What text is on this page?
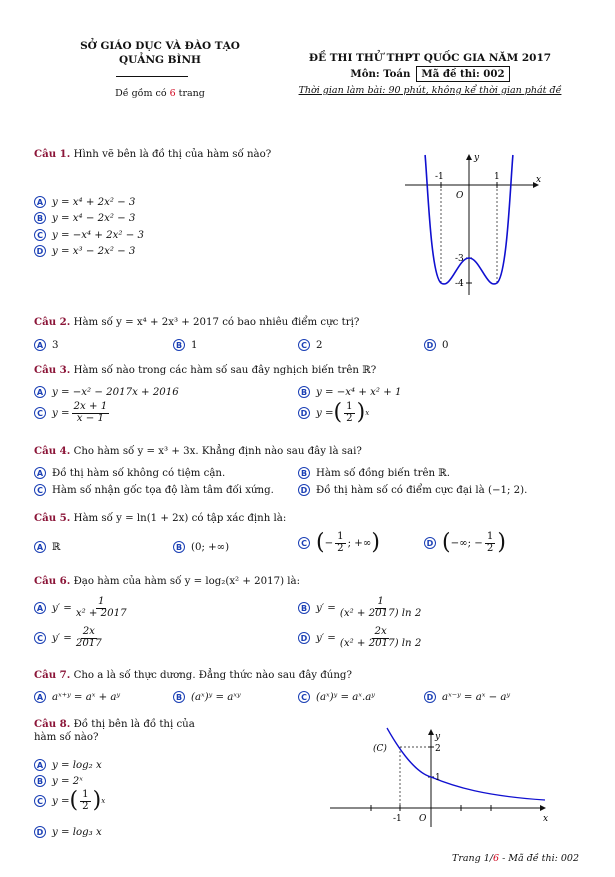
SỞ GIÁO DỤC VÀ ĐÀO TẠO
QUẢNG BÌNH
Dề gồm có 6 trang
ĐỀ THI THỬ THPT QUỐC GIA NĂM 2017
Môn: Toán	Mã đề thi: 002
Thời gian làm bài: 90 phút, không kể thời gian phát đề
Câu 1. Hình vẽ bên là đồ thị của hàm số nào?
A y = x⁴ + 2x² − 3
B y = x⁴ − 2x² − 3
C y = −x⁴ + 2x² − 3
D y = x³ − 2x² − 3
x
y
O
-1	1
-3
-4
Câu 2. Hàm số y = x⁴ + 2x³ + 2017 có bao nhiêu điểm cực trị?
A 3	B 1	C 2	D 0
Câu 3. Hàm số nào trong các hàm số sau đây nghịch biến trên ℝ?
A y = −x² − 2017x + 2016	B y = −x⁴ + x² + 1
C $y = \frac{2x + 1}{x - 1}$	D y = ( $\frac{1}{2}$ ) x
Câu 4. Cho hàm số y = x³ + 3x. Khẳng định nào sau đây là sai?
A Đồ thị hàm số không có tiệm cận.	B Hàm số đồng biến trên ℝ.
C Hàm số nhận gốc tọa độ làm tâm đối xứng.	D Đồ thị hàm số có điểm cực đại là (−1; 2).
Câu 5. Hàm số y = ln(1 + 2x) có tập xác định là:
A ℝ	B (0; +∞)	C ( − $\frac{1}{2}$ ; +∞ )	D ( −∞; − $\frac{1}{2}$ )
Câu 6. Đạo hàm của hàm số y = log₂(x² + 2017) là:
A $y' = \frac{1}{\text{x² + 2017}}$	B $y' = \frac{1}{\text{(x² + 2017) ln 2}}$
C $y' = \frac{2x}{2017}$	D $y' = \frac{2x}{\text{(x² + 2017) ln 2}}$
Câu 7. Cho a là số thực dương. Đẳng thức nào sau đây đúng?
A aˣ⁺ʸ = aˣ + aʸ	B (aˣ)ʸ = aˣʸ	C (aˣ)ʸ = aˣ.aʸ	D aˣ⁻ʸ = aˣ − aʸ
Câu 8. Đồ thị bên là đồ thị của
hàm số nào?
A y = log₂ x
B y = 2ˣ
C y = ( $\frac{1}{2}$ ) x
D y = log₃ x
x
y
O
(C)	2
1
-1
Trang 1/6 - Mã đề thi: 002
